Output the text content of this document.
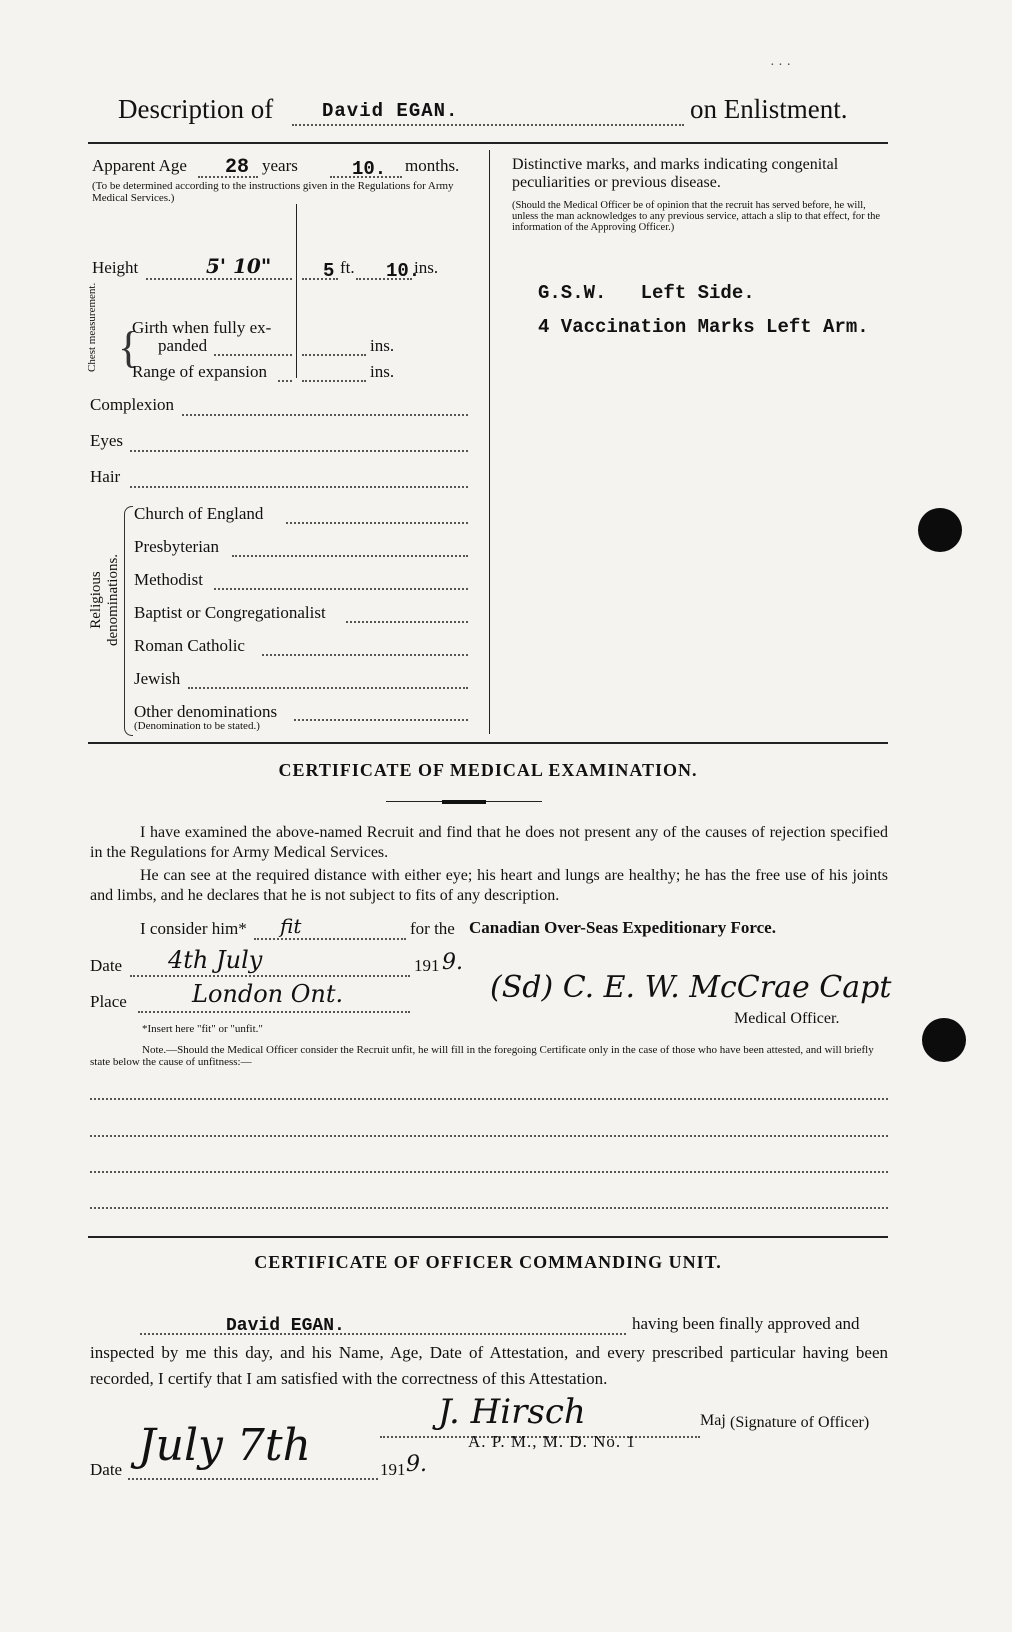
· · ·
Description of	David EGAN.	on Enlistment.
Apparent Age 28 years	10. months.
(To be determined according to the instructions given in the Regulations for Army Medical Services.)
Height	5' 10"	5 ft. 10.
ins.
Chest measurement. {
Girth when fully ex-
panded	ins.
Range of expansion	ins.
Complexion
Eyes
Hair
Religious denominations.
Church of England
Presbyterian
Methodist
Baptist or Congregationalist
Roman Catholic
Jewish
Other denominations
(Denomination to be stated.)
Distinctive marks, and marks indicating congenital
peculiarities or previous disease.
(Should the Medical Officer be of opinion that the recruit has served before, he will, unless the man acknowledges to any previous service, attach a slip to that effect, for the information of the Approving Officer.)
G.S.W.   Left Side.
4 Vaccination Marks Left Arm.
CERTIFICATE OF MEDICAL EXAMINATION.
I have examined the above-named Recruit and find that he does not present any of the causes of rejection specified in the Regulations for Army Medical Services.
He can see at the required distance with either eye; his heart and lungs are healthy; he has the free use of his joints and limbs, and he declares that he is not subject to fits of any description.
I consider him* fit	for the Canadian Over-Seas Expeditionary Force.
Date 4th July	191 9.
Place	London Ont.	(Sd) C. E. W. McCrae Capt
Medical Officer.
*Insert here "fit" or "unfit."
Note.—Should the Medical Officer consider the Recruit unfit, he will fill in the foregoing Certificate only in the case of those who have been attested, and will briefly state below the cause of unfitness:—
CERTIFICATE OF OFFICER COMMANDING UNIT.
David EGAN.	having been finally approved and
inspected by me this day, and his Name, Age, Date of Attestation, and every prescribed particular having been recorded, I certify that I am satisfied with the correctness of this Attestation.
J. Hirsch	Maj (Signature of Officer)
A. P. M., M. D. No. 1
Date July 7th	191 9.
